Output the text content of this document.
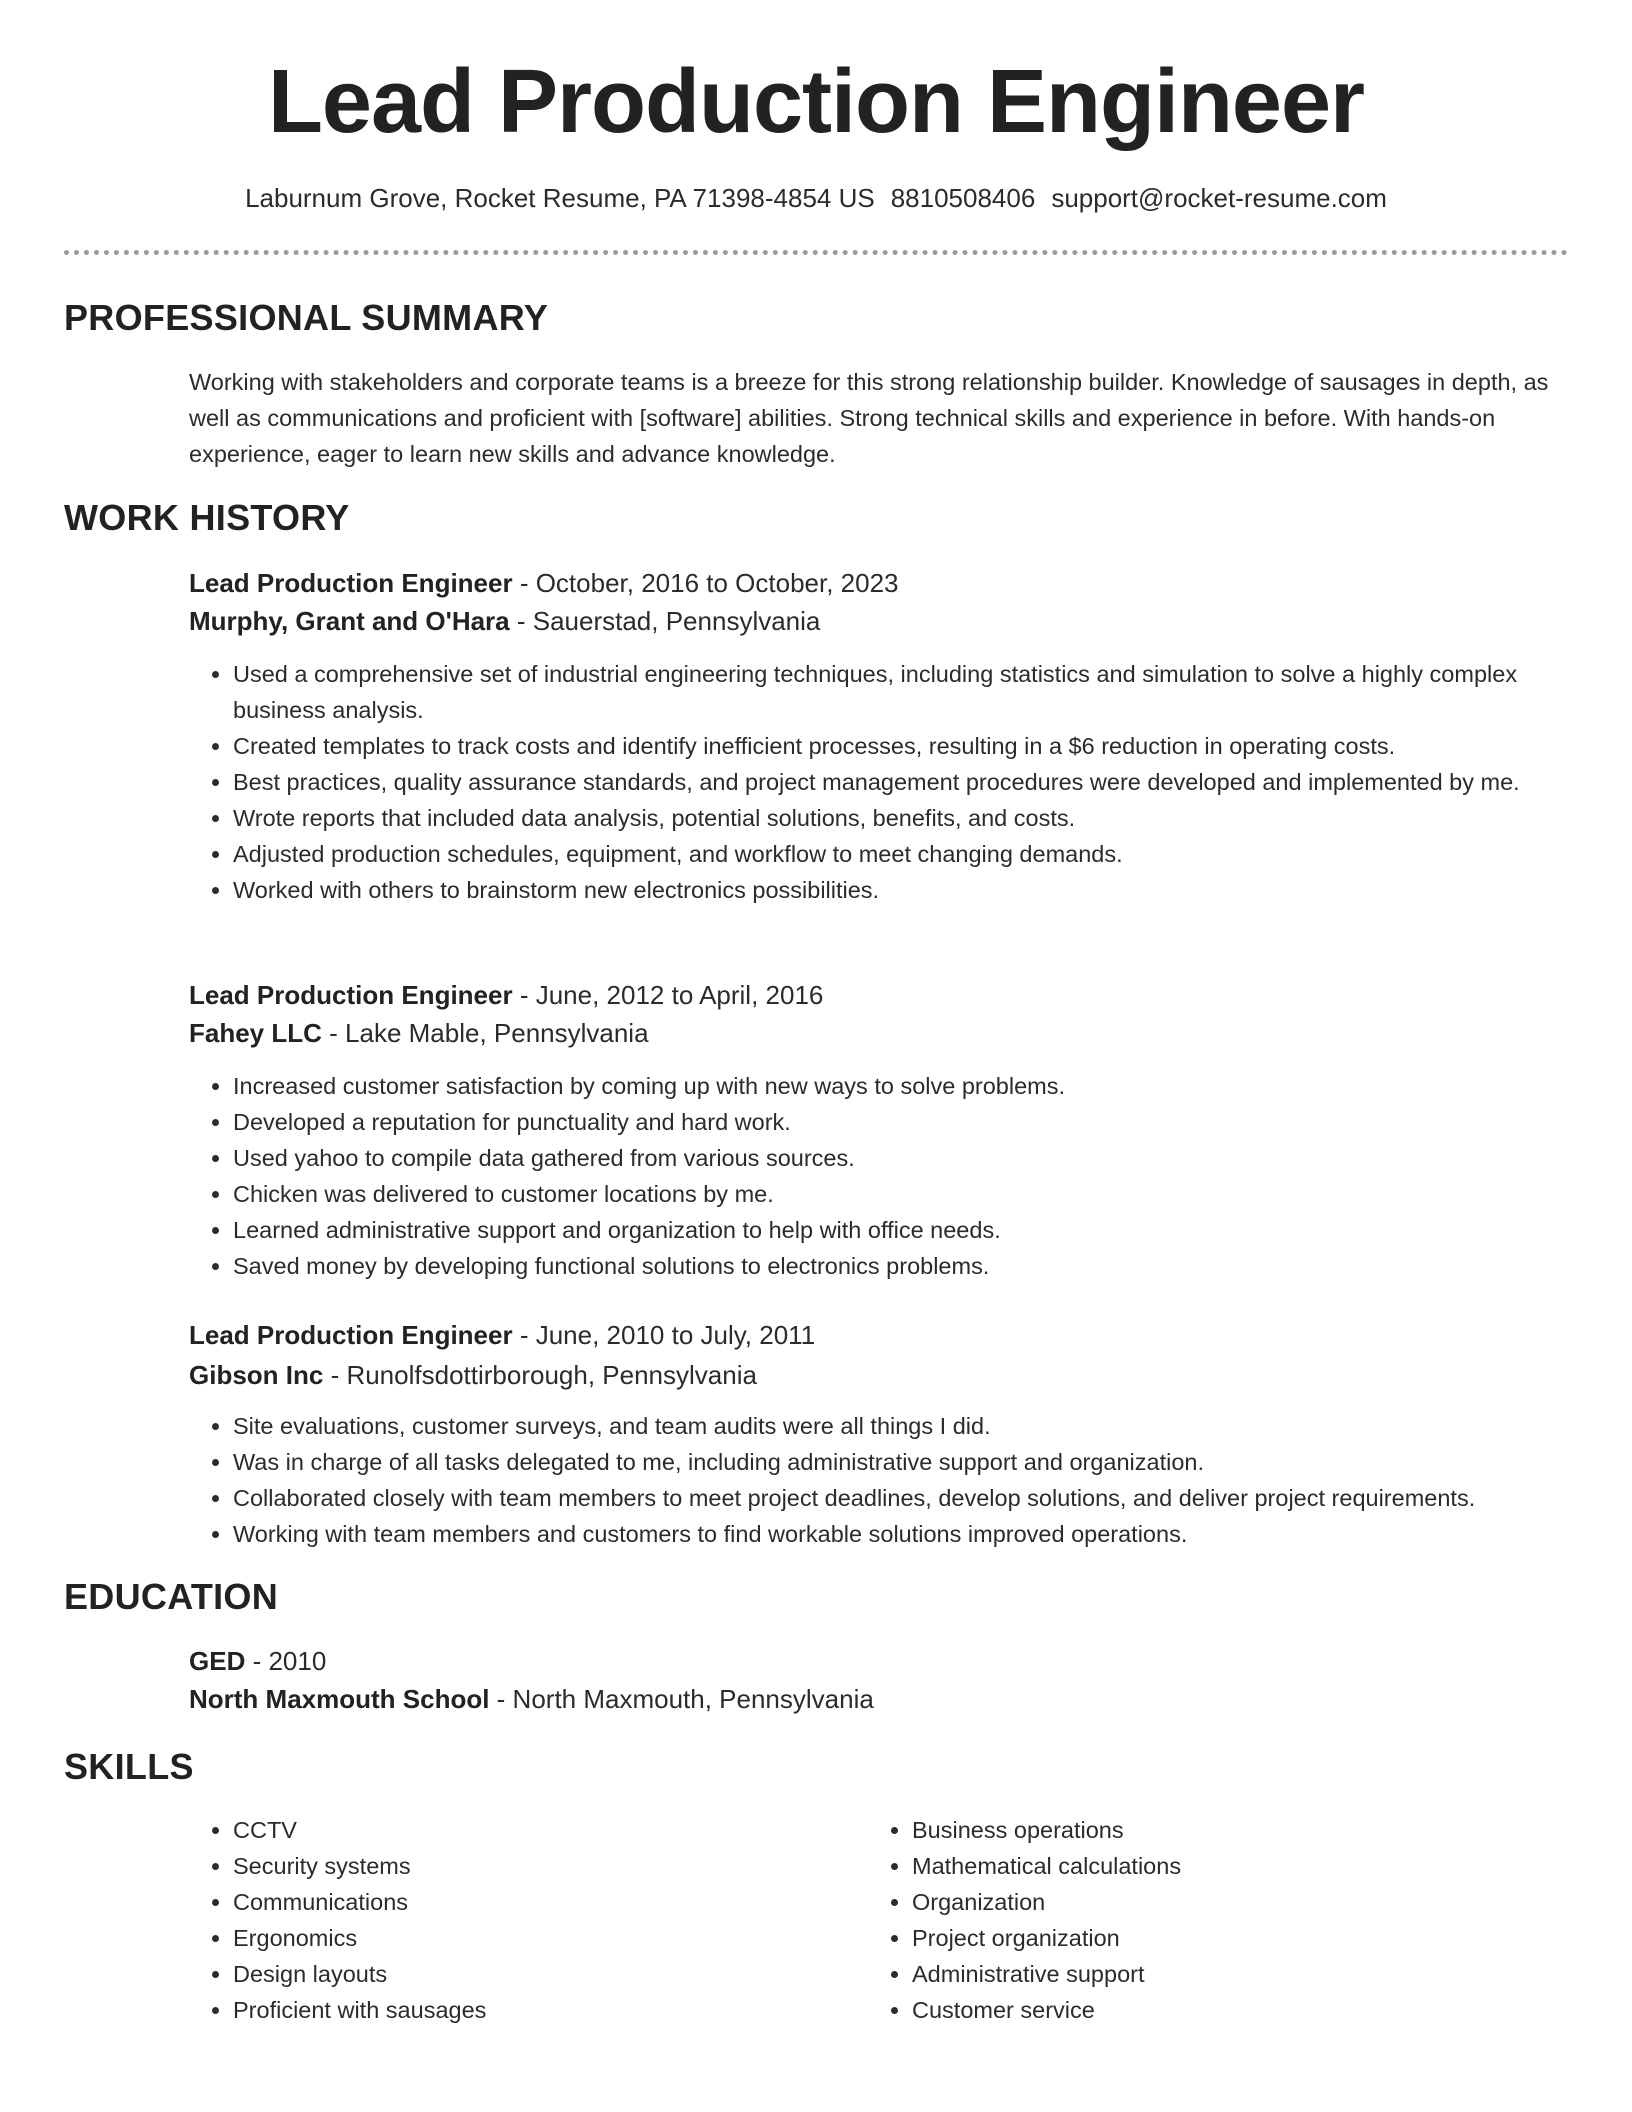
Lead Production Engineer
Laburnum Grove, Rocket Resume, PA 71398-4854 US 8810508406 support@rocket-resume.com
PROFESSIONAL SUMMARY

Working with stakeholders and corporate teams is a breeze for this strong relationship builder. Knowledge of sausages in depth, as well as communications and proficient with [software] abilities. Strong technical skills and experience in before. With hands-on experience, eager to learn new skills and advance knowledge.

WORK HISTORY
Lead Production Engineer - October, 2016 to October, 2023
Murphy, Grant and O'Hara - Sauerstad, Pennsylvania
• Used a comprehensive set of industrial engineering techniques, including statistics and simulation to solve a highly complex business analysis.
• Created templates to track costs and identify inefficient processes, resulting in a $6 reduction in operating costs.
• Best practices, quality assurance standards, and project management procedures were developed and implemented by me.
• Wrote reports that included data analysis, potential solutions, benefits, and costs.
• Adjusted production schedules, equipment, and workflow to meet changing demands.
• Worked with others to brainstorm new electronics possibilities.
Lead Production Engineer - June, 2012 to April, 2016
Fahey LLC - Lake Mable, Pennsylvania
• Increased customer satisfaction by coming up with new ways to solve problems.
• Developed a reputation for punctuality and hard work.
• Used yahoo to compile data gathered from various sources.
• Chicken was delivered to customer locations by me.
• Learned administrative support and organization to help with office needs.
• Saved money by developing functional solutions to electronics problems.
Lead Production Engineer - June, 2010 to July, 2011
Gibson Inc - Runolfsdottirborough, Pennsylvania
• Site evaluations, customer surveys, and team audits were all things I did.
• Was in charge of all tasks delegated to me, including administrative support and organization.
• Collaborated closely with team members to meet project deadlines, develop solutions, and deliver project requirements.
• Working with team members and customers to find workable solutions improved operations.
EDUCATION
GED - 2010
North Maxmouth School - North Maxmouth, Pennsylvania
SKILLS
• CCTV
• Security systems
• Communications
• Ergonomics
• Design layouts
• Proficient with sausages
• Business operations
• Mathematical calculations
• Organization
• Project organization
• Administrative support
• Customer service
